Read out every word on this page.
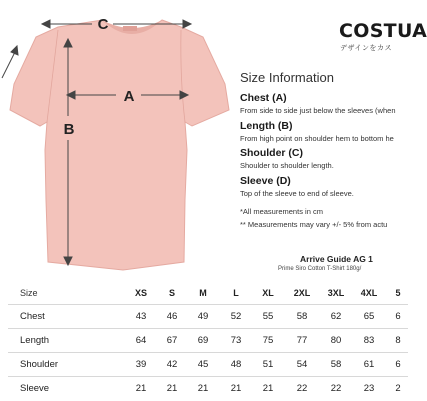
C
A
B
COSTUA
デザインをカス
Size Information
Chest (A)
From side to side just below the sleeves (when
Length (B)
From high point on shoulder hem to bottom he
Shoulder (C)
Shoulder to shoulder length.
Sleeve (D)
Top of the sleeve to end of sleeve.
*All measurements in cm
** Measurements may vary +/- 5% from actu
Arrive Guide AG 1
Prime Siro Cotton T-Shirt 180g/
Size	XS	S	M	L	XL	2XL	3XL	4XL	5
Chest	43	46	49	52	55	58	62	65	6
Length	64	67	69	73	75	77	80	83	8
Shoulder	39	42	45	48	51	54	58	61	6
Sleeve	21	21	21	21	21	22	22	23	2
